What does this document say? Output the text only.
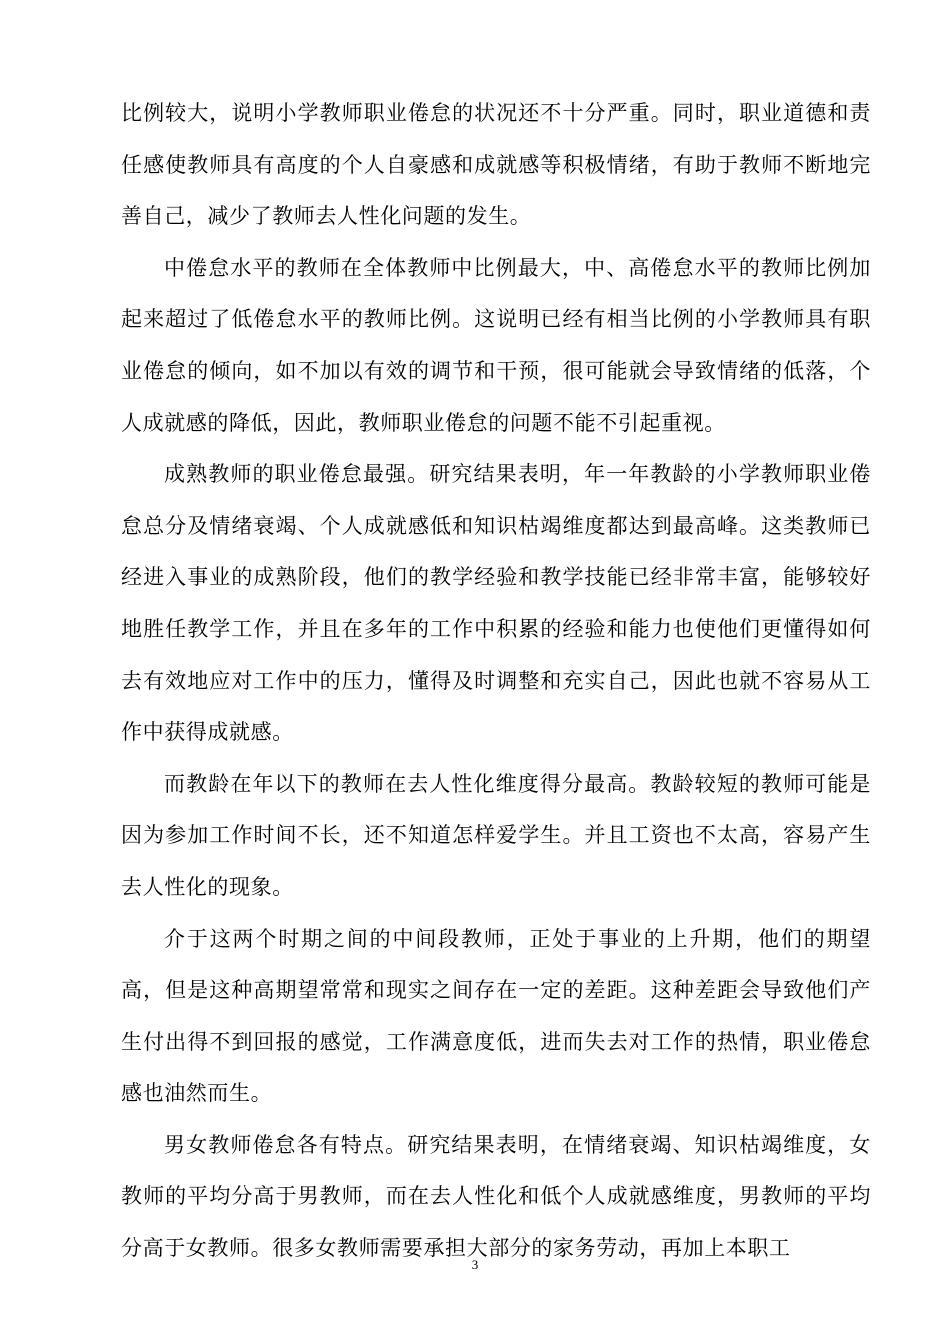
比例较大，说明小学教师职业倦怠的状况还不十分严重。同时，职业道德和责任感使教师具有高度的个人自豪感和成就感等积极情绪，有助于教师不断地完善自己，减少了教师去人性化问题的发生。

中倦怠水平的教师在全体教师中比例最大，中、高倦怠水平的教师比例加起来超过了低倦怠水平的教师比例。这说明已经有相当比例的小学教师具有职业倦怠的倾向，如不加以有效的调节和干预，很可能就会导致情绪的低落，个人成就感的降低，因此，教师职业倦怠的问题不能不引起重视。

成熟教师的职业倦怠最强。研究结果表明，年一年教龄的小学教师职业倦怠总分及情绪衰竭、个人成就感低和知识枯竭维度都达到最高峰。这类教师已经进入事业的成熟阶段，他们的教学经验和教学技能已经非常丰富，能够较好地胜任教学工作，并且在多年的工作中积累的经验和能力也使他们更懂得如何去有效地应对工作中的压力，懂得及时调整和充实自己，因此也就不容易从工作中获得成就感。

而教龄在年以下的教师在去人性化维度得分最高。教龄较短的教师可能是因为参加工作时间不长，还不知道怎样爱学生。并且工资也不太高，容易产生去人性化的现象。

介于这两个时期之间的中间段教师，正处于事业的上升期，他们的期望高，但是这种高期望常常和现实之间存在一定的差距。这种差距会导致他们产生付出得不到回报的感觉，工作满意度低，进而失去对工作的热情，职业倦怠感也油然而生。

男女教师倦怠各有特点。研究结果表明，在情绪衰竭、知识枯竭维度，女教师的平均分高于男教师，而在去人性化和低个人成就感维度，男教师的平均分高于女教师。很多女教师需要承担大部分的家务劳动，再加上本职工

3
